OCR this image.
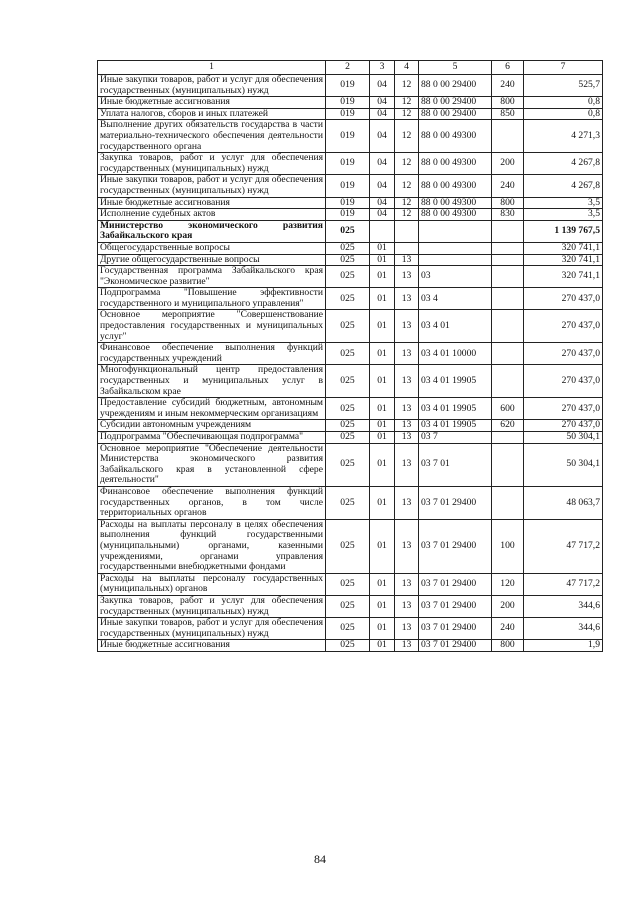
1	2	3	4	5	6	7
Иные закупки товаров, работ и услуг для обеспечения государственных (муниципальных) нужд	019	04	12	88 0 00 29400	240	525,7
Иные бюджетные ассигнования	019	04	12	88 0 00 29400	800	0,8
Уплата налогов, сборов и иных платежей	019	04	12	88 0 00 29400	850	0,8
Выполнение других обязательств государства в части материально-технического обеспечения деятельности государственного органа	019	04	12	88 0 00 49300		4 271,3
Закупка товаров, работ и услуг для обеспечения государственных (муниципальных) нужд	019	04	12	88 0 00 49300	200	4 267,8
Иные закупки товаров, работ и услуг для обеспечения государственных (муниципальных) нужд	019	04	12	88 0 00 49300	240	4 267,8
Иные бюджетные ассигнования	019	04	12	88 0 00 49300	800	3,5
Исполнение судебных актов	019	04	12	88 0 00 49300	830	3,5
Министерство экономического развития Забайкальского края	025					1 139 767,5
Общегосударственные вопросы	025	01				320 741,1
Другие общегосударственные вопросы	025	01	13			320 741,1
Государственная программа Забайкальского края "Экономическое развитие"	025	01	13	03		320 741,1
Подпрограмма "Повышение эффективности государственного и муниципального управления"	025	01	13	03 4		270 437,0
Основное мероприятие "Совершенствование предоставления государственных и муниципальных услуг"	025	01	13	03 4 01		270 437,0
Финансовое обеспечение выполнения функций государственных учреждений	025	01	13	03 4 01 10000		270 437,0
Многофункциональный центр предоставления государственных и муниципальных услуг в Забайкальском крае	025	01	13	03 4 01 19905		270 437,0
Предоставление субсидий бюджетным, автономным учреждениям и иным некоммерческим организациям	025	01	13	03 4 01 19905	600	270 437,0
Субсидии автономным учреждениям	025	01	13	03 4 01 19905	620	270 437,0
Подпрограмма "Обеспечивающая подпрограмма"	025	01	13	03 7		50 304,1
Основное мероприятие "Обеспечение деятельности Министерства экономического развития Забайкальского края в установленной сфере деятельности"	025	01	13	03 7 01		50 304,1
Финансовое обеспечение выполнения функций государственных органов, в том числе территориальных органов	025	01	13	03 7 01 29400		48 063,7
Расходы на выплаты персоналу в целях обеспечения выполнения функций государственными (муниципальными) органами, казенными учреждениями, органами управления государственными внебюджетными фондами	025	01	13	03 7 01 29400	100	47 717,2
Расходы на выплаты персоналу государственных (муниципальных) органов	025	01	13	03 7 01 29400	120	47 717,2
Закупка товаров, работ и услуг для обеспечения государственных (муниципальных) нужд	025	01	13	03 7 01 29400	200	344,6
Иные закупки товаров, работ и услуг для обеспечения государственных (муниципальных) нужд	025	01	13	03 7 01 29400	240	344,6
Иные бюджетные ассигнования	025	01	13	03 7 01 29400	800	1,9
84
